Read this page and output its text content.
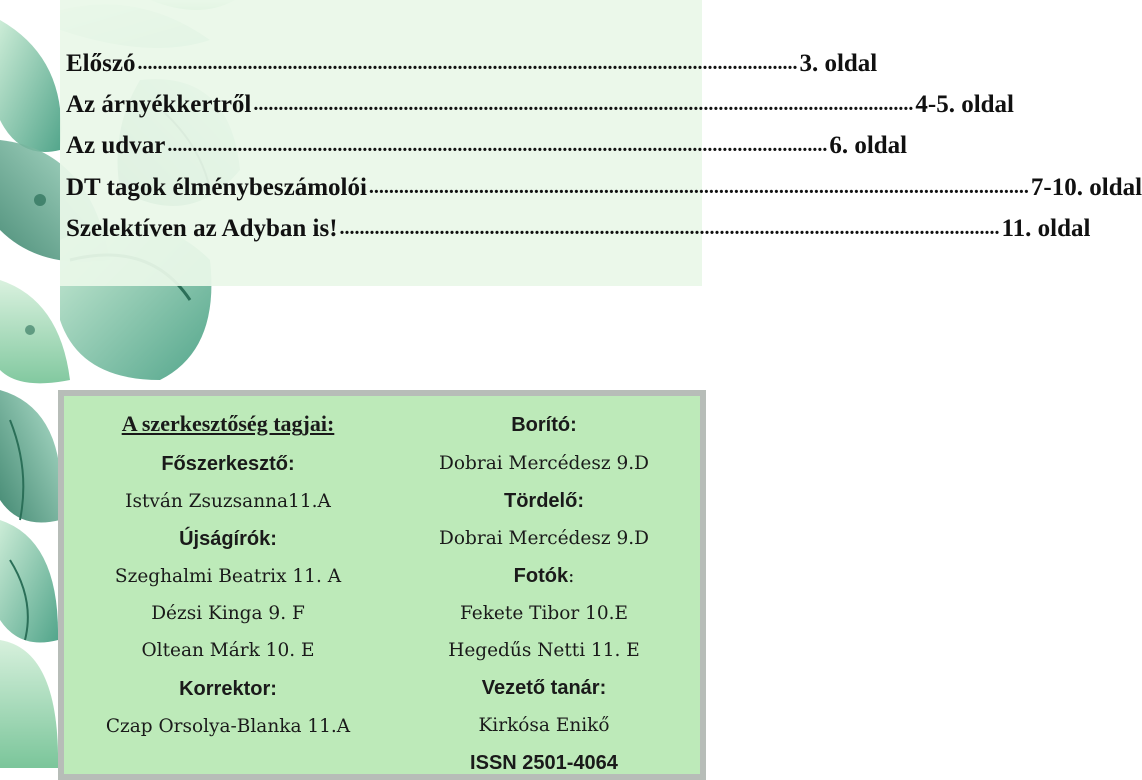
Előszó .................................................................................................................................... 3. oldal
Az árnyékkertről .................................................................................................................................... 4-5. oldal
Az udvar .................................................................................................................................... 6. oldal
DT tagok élménybeszámolói .................................................................................................................................... 7-10. oldal
Szelektíven az Adyban is! .................................................................................................................................... 11. oldal
A szerkesztőség tagjai:
Főszerkesztő:
István Zsuzsanna11.A
Újságírók:
Szeghalmi Beatrix 11. A
Dézsi Kinga 9. F
Oltean Márk 10. E
Korrektor:
Czap Orsolya-Blanka 11.A
Borító:
Dobrai Mercédesz 9.D
Tördelő:
Dobrai Mercédesz 9.D
Fotók:
Fekete Tibor 10.E
Hegedűs Netti 11. E
Vezető tanár:
Kirkósa Enikő
ISSN 2501-4064
